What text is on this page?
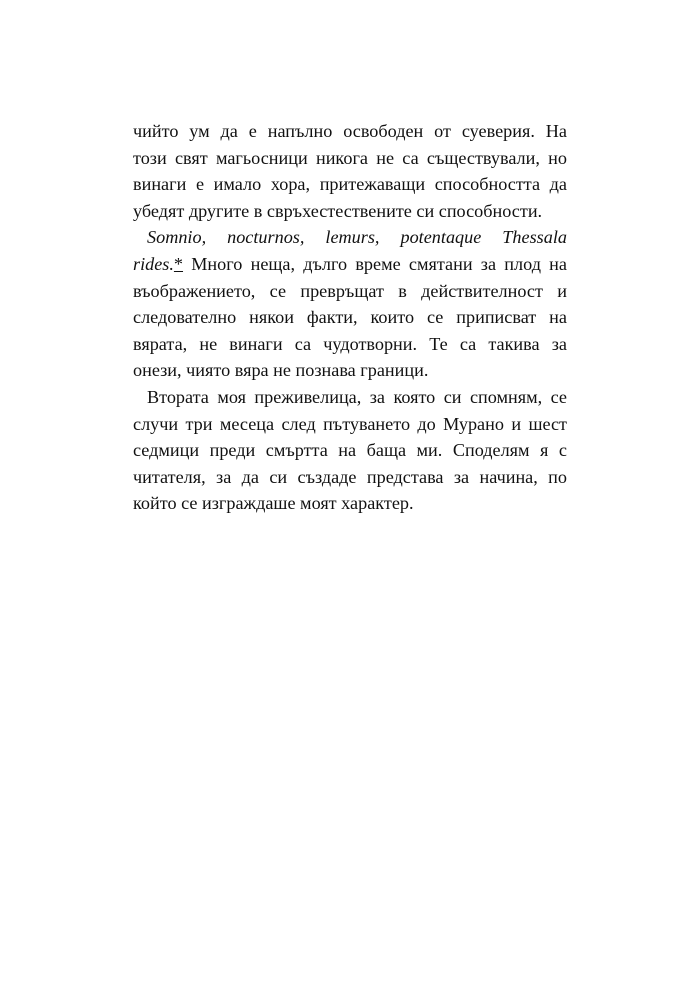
чийто ум да е напълно освободен от суеверия. На
този свят магьосници никога не са съществували, но
винаги е имало хора, притежаващи способността да
убедят другите в свръхестествените си способности.
Somnio, nocturnos, lemurs, potentaque Thessala
rides.* Много неща, дълго време смятани за плод на
въображението, се превръщат в действителност и
следователно някои факти, които се приписват на
вярата, не винаги са чудотворни. Те са такива за
онези, чиято вяра не познава граници.
Втората моя преживелица, за която си спомням, се
случи три месеца след пътуването до Мурано и шест
седмици преди смъртта на баща ми. Споделям я с
читателя, за да си създаде представа за начина, по
който се изграждаше моят характер.
